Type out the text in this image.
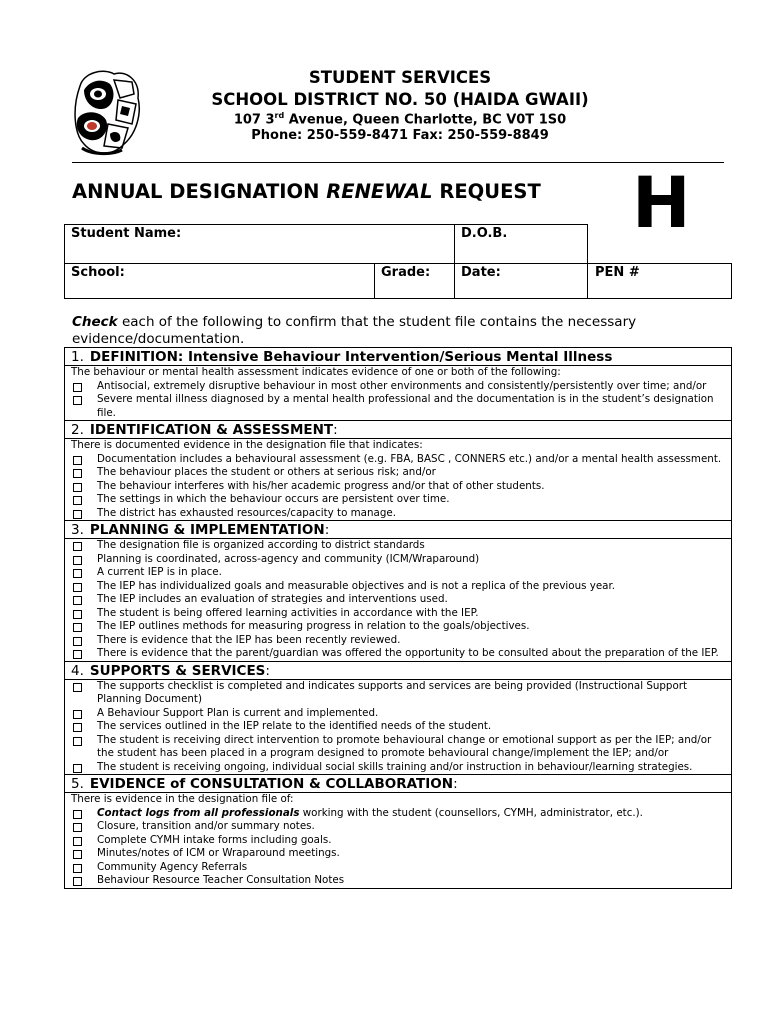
STUDENT SERVICES
SCHOOL DISTRICT NO. 50 (HAIDA GWAII)
107 3rd Avenue, Queen Charlotte, BC V0T 1S0
Phone: 250-559-8471 Fax: 250-559-8849
ANNUAL DESIGNATION RENEWAL REQUEST H
Student Name:	D.O.B.
School:	Grade: Date:	PEN #
Check each of the following to confirm that the student file contains the necessary evidence/documentation.
1. DEFINITION: Intensive Behaviour Intervention/Serious Mental Illness
The behaviour or mental health assessment indicates evidence of one or both of the following:
Antisocial, extremely disruptive behaviour in most other environments and consistently/persistently over time; and/or
Severe mental illness diagnosed by a mental health professional and the documentation is in the student’s designation file.
2. IDENTIFICATION & ASSESSMENT:
There is documented evidence in the designation file that indicates:
Documentation includes a behavioural assessment (e.g. FBA, BASC , CONNERS etc.) and/or a mental health assessment.
The behaviour places the student or others at serious risk; and/or
The behaviour interferes with his/her academic progress and/or that of other students.
The settings in which the behaviour occurs are persistent over time.
The district has exhausted resources/capacity to manage.
3. PLANNING & IMPLEMENTATION:
The designation file is organized according to district standards
Planning is coordinated, across-agency and community (ICM/Wraparound)
A current IEP is in place.
The IEP has individualized goals and measurable objectives and is not a replica of the previous year.
The IEP includes an evaluation of strategies and interventions used.
The student is being offered learning activities in accordance with the IEP.
The IEP outlines methods for measuring progress in relation to the goals/objectives.
There is evidence that the IEP has been recently reviewed.
There is evidence that the parent/guardian was offered the opportunity to be consulted about the preparation of the IEP.
4. SUPPORTS & SERVICES:
The supports checklist is completed and indicates supports and services are being provided (Instructional Support Planning Document)
A Behaviour Support Plan is current and implemented.
The services outlined in the IEP relate to the identified needs of the student.
The student is receiving direct intervention to promote behavioural change or emotional support as per the IEP; and/or the student has been placed in a program designed to promote behavioural change/implement the IEP; and/or
The student is receiving ongoing, individual social skills training and/or instruction in behaviour/learning strategies.
5. EVIDENCE of CONSULTATION & COLLABORATION:
There is evidence in the designation file of:
Contact logs from all professionals working with the student (counsellors, CYMH, administrator, etc.).
Closure, transition and/or summary notes.
Complete CYMH intake forms including goals.
Minutes/notes of ICM or Wraparound meetings.
Community Agency Referrals
Behaviour Resource Teacher Consultation Notes
